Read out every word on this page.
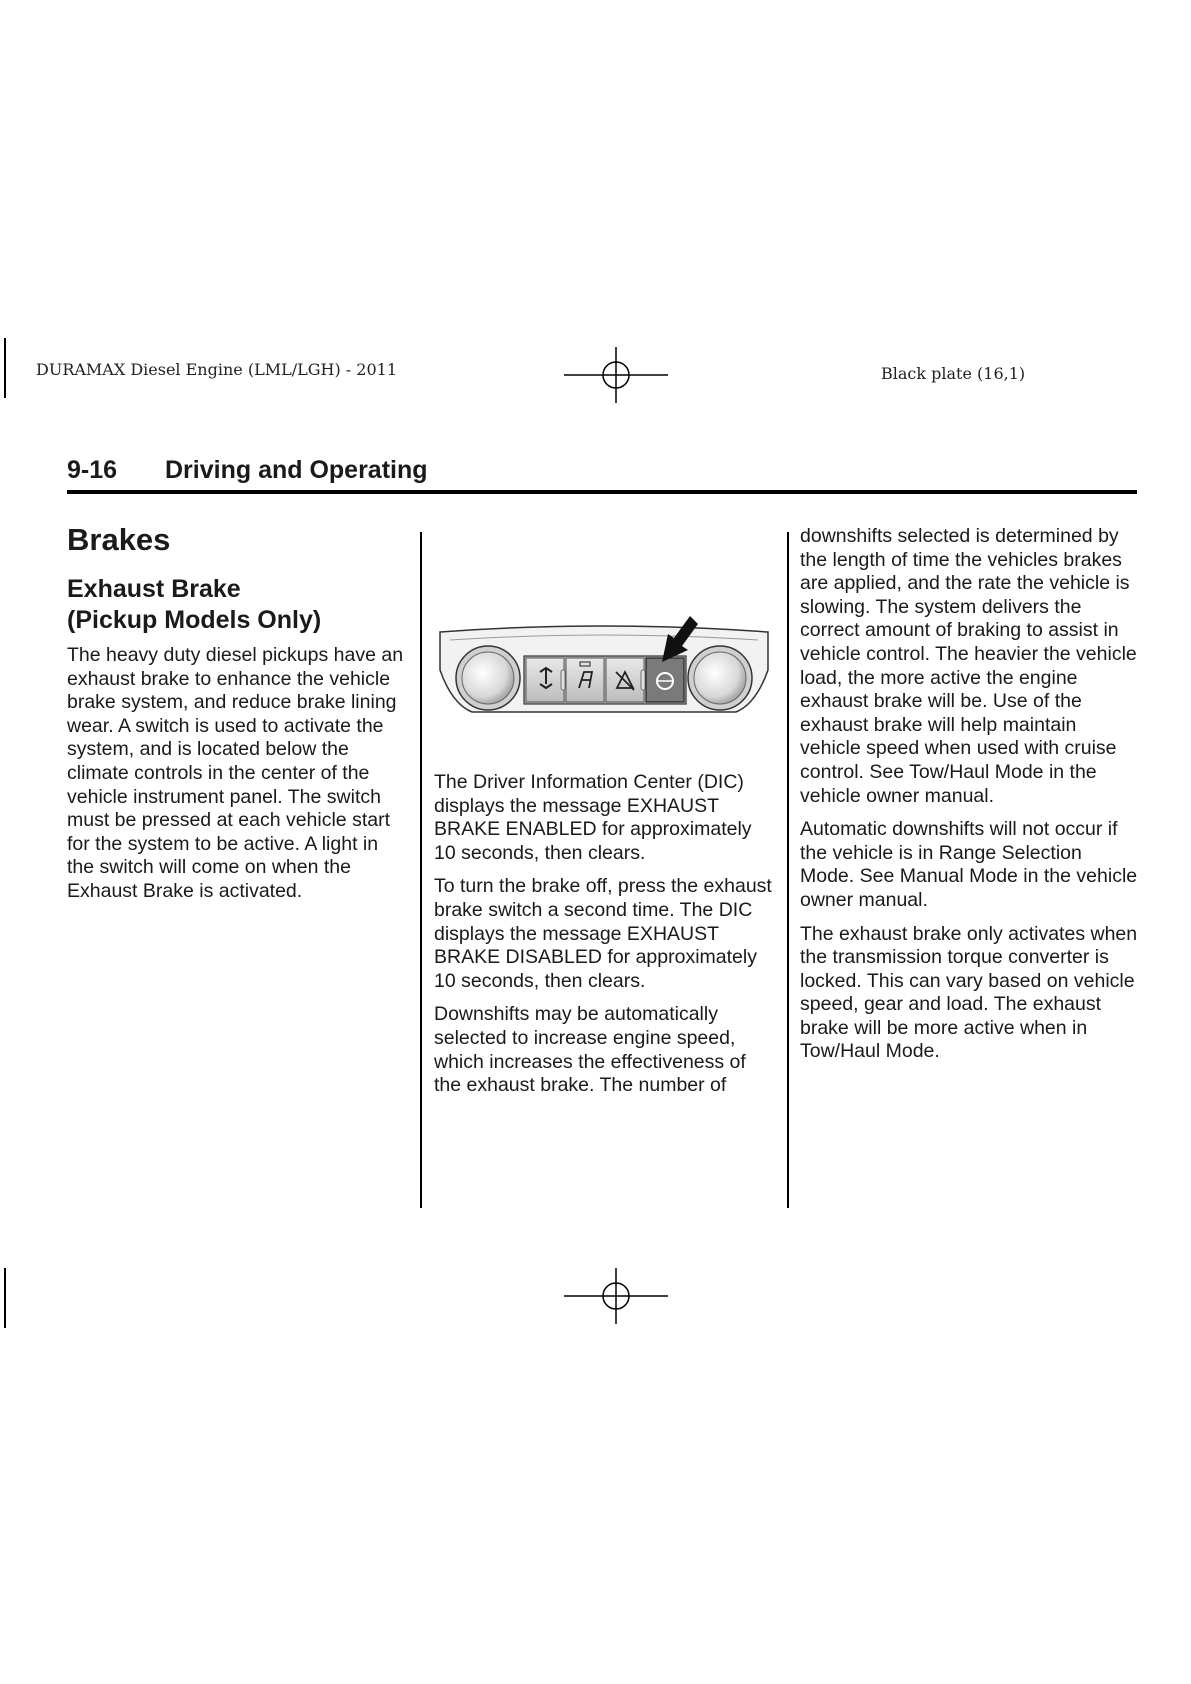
DURAMAX Diesel Engine (LML/LGH) - 2011	Black plate (16,1)
9-16 Driving and Operating
Brakes
Exhaust Brake
(Pickup Models Only)

The heavy duty diesel pickups have an exhaust brake to enhance the vehicle brake system, and reduce brake lining wear. A switch is used to activate the system, and is located below the climate controls in the center of the vehicle instrument panel. The switch must be pressed at each vehicle start for the system to be active. A light in the switch will come on when the Exhaust Brake is activated.

The Driver Information Center (DIC) displays the message EXHAUST BRAKE ENABLED for approximately 10 seconds, then clears.

To turn the brake off, press the exhaust brake switch a second time. The DIC displays the message EXHAUST BRAKE DISABLED for approximately 10 seconds, then clears.

Downshifts may be automatically selected to increase engine speed, which increases the effectiveness of the exhaust brake. The number of

downshifts selected is determined by the length of time the vehicles brakes are applied, and the rate the vehicle is slowing. The system delivers the correct amount of braking to assist in vehicle control. The heavier the vehicle load, the more active the engine exhaust brake will be. Use of the exhaust brake will help maintain vehicle speed when used with cruise control. See Tow/Haul Mode in the vehicle owner manual.

Automatic downshifts will not occur if the vehicle is in Range Selection Mode. See Manual Mode in the vehicle owner manual.

The exhaust brake only activates when the transmission torque converter is locked. This can vary based on vehicle speed, gear and load. The exhaust brake will be more active when in Tow/Haul Mode.
